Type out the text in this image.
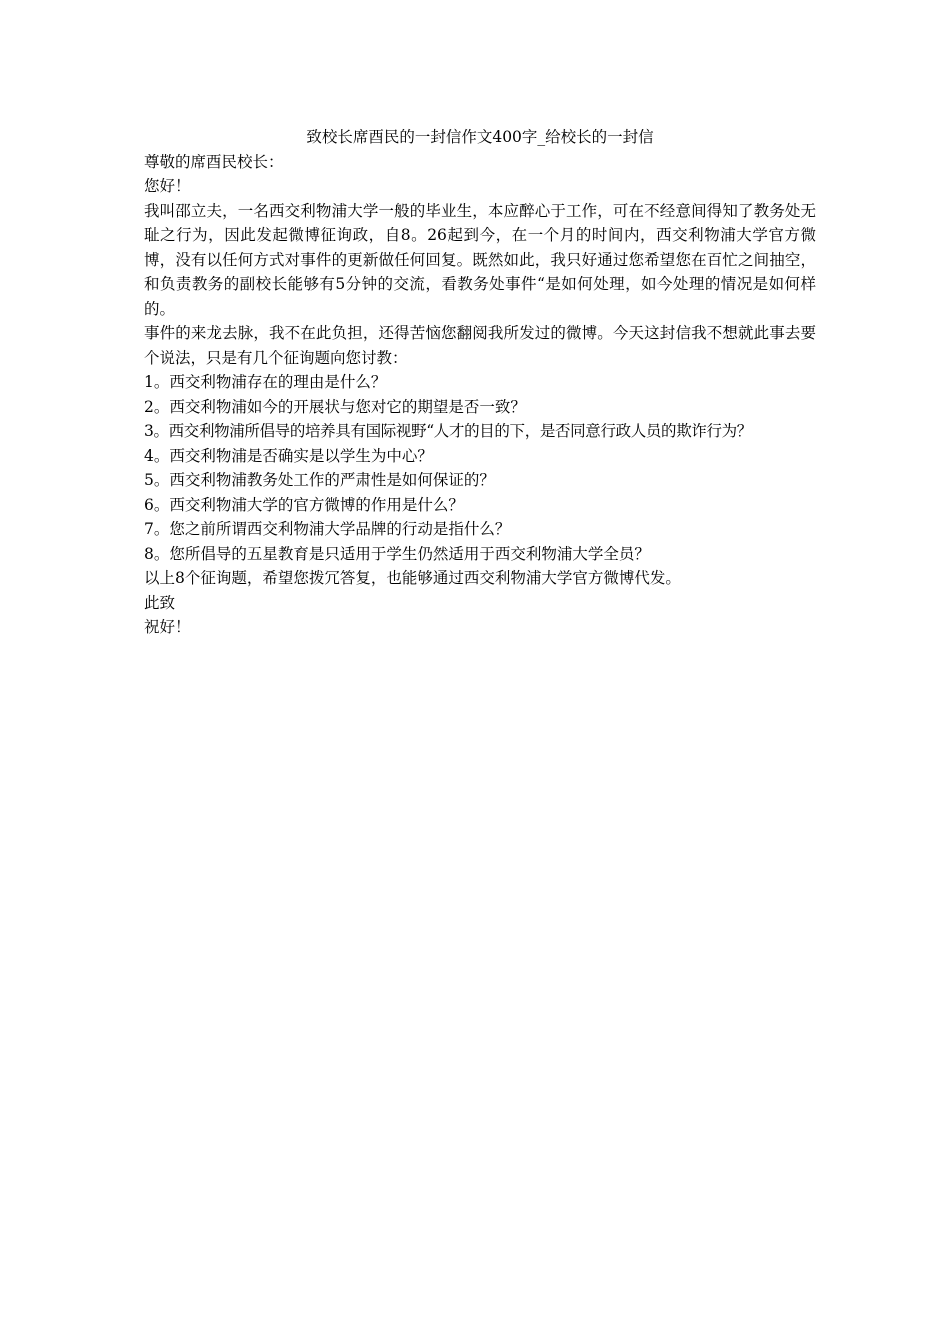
致校长席酉民的一封信作文400字_给校长的一封信

尊敬的席酉民校长：

您好！

我叫邵立夫，一名西交利物浦大学一般的毕业生，本应醉心于工作，可在不经意间得知了教务处无耻之行为，因此发起微博征询政，自8。26起到今，在一个月的时间内，西交利物浦大学官方微博，没有以任何方式对事件的更新做任何回复。既然如此，我只好通过您希望您在百忙之间抽空，和负责教务的副校长能够有5分钟的交流，看教务处事件“是如何处理，如今处理的情况是如何样的。

事件的来龙去脉，我不在此负担，还得苦恼您翻阅我所发过的微博。今天这封信我不想就此事去要个说法，只是有几个征询题向您讨教：

1。西交利物浦存在的理由是什么？

2。西交利物浦如今的开展状与您对它的期望是否一致？

3。西交利物浦所倡导的培养具有国际视野“人才的目的下，是否同意行政人员的欺诈行为？

4。西交利物浦是否确实是以学生为中心？

5。西交利物浦教务处工作的严肃性是如何保证的？

6。西交利物浦大学的官方微博的作用是什么？

7。您之前所谓西交利物浦大学品牌的行动是指什么？

8。您所倡导的五星教育是只适用于学生仍然适用于西交利物浦大学全员？

以上8个征询题，希望您拨冗答复，也能够通过西交利物浦大学官方微博代发。

此致

祝好！
